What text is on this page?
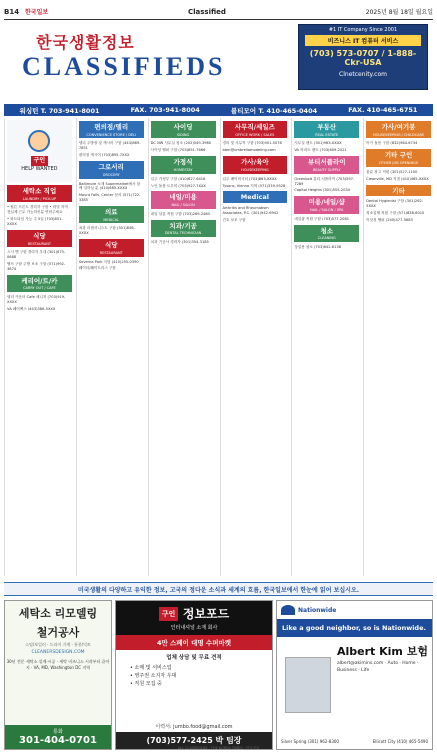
B14 한국일보	Classified	2025년 8월 18일 월요일
한국생활정보
CLASSIFIEDS
#1 IT Company Since 2001
비즈니스 IT 컴퓨터 서비스
(703) 573-0707 / 1-888-Ckr-USA
Clnetcenity.com
워싱턴 T. 703-941-8001	FAX. 703-941-8004	볼티모어 T. 410-465-0404	FAX. 410-465-6751
구인
HELP WANTED
세탁소 직업
LAUNDRY / PICK-UP

• 힐튼 프론트 경력자 구함 • 락빌 지역 전일제 근무 가능하신분 연락주세요

• 파트타임 가능 주 5일 (703)851-XXXX

식당
RESTAURANT

스시 맨 구함 경력자 우대 (301)675-0688

헬프 구함 주방 보조 구함 (571)992-3874

케리어/트/카
CARRY OUT / CAFE

델리 카운터 Cafe 매니저 (703)919-XXXX

VA 페어팩스 (443)386-5XXX

편의점/델리
CONVENIENCE STORE / DELI

델리 주방장 및 캐시어 구함 (443)869-7851

편의점 캐시어 (703)895-7XXX

그로서리
GROCERY

Baltimore 소재 Supermarket에서 함께 일하실 분 (410)685-XXXX

Mount Falls, Center 문의 (571)722-3385

의료
MEDICAL

치과 리셉셔니스트 구함 (301)836-XXXX

식당
RESTAURANT

Severna Park 식당 (410)255-0390

웨이터/웨이트리스 구함

사이딩
SIDING

DC NW 사무실 청소 (202)549-3960

사이딩 헬퍼 구함 (703)851-7666

가정식
HOMESTAY

입주 가정부 구함 (410)627-6418

노인 돌봄 도우미 (703)927-7XXX

네일/미용
NAIL / SALON

네일 살롱 직원 구함 (703)269-2480

치과/기공
DENTAL TECHNICIAN

치과 기공사 경력자 (301)354-3185

사무직/세일즈
OFFICE WORK / SALES

경리 및 사무직 구함 (703)901-5076

bbm@umbrellamodeling.com

가사/육아
HOUSEKEEPING

입주 베이비시터 (703)863-XXXX

Tysons, Vienna 지역 (571)339-9528

Medical

Arthritis and Rheumatism Associates, P.C. (301)942-6942

간호 보조 구함

부동산
REAL ESTATE

사무실 렌트 (301)963-XXXX

VA 아파트 렌트 (703)609-2021

뷰티서플라이
BEAUTY SUPPLY

Greenbelt 뷰티 서플라이 (703)597-7289

Capitol Heights (301)555-2034

미용/네일/샵
NAIL / SALON / SPA

네일샵 직원 구함 (703)577-2081

청소
CLEANING

상업용 청소 (703)642-8136

가사/여기봉
HOUSEKEEPING / CHILDCARE

아기 돌봄 구함 (832)964-6734

기타 구인
OTHER JOB OPENINGS

물류 창고 직원 (301)527-1100

Cleanville, MD 지점 (410)465-XXXX

기타

Dental Hygienist 구함 (301)262-5XXX

청소업체 직원 구함 (571)838-6010

이삿짐 헬퍼 (240)477-5683

미국생활의 다양하고 유익한 정보, 고국의 정다운 소식과 세계의 흐름, 한국일보에서 한눈에 읽어 보십시오.
세탁소 리모델링
철거공사
스팀/보일러 · 드라이 기계 · 통풍/덕트
CLEANERSDESIGN.COM
30년 전문 세탁소 설계·시공 · 세탁 비즈니스 시작부터 끝까지 · VA, MD, Washington DC 지역
통화
301-404-0701
구인 정보포드
인터내셔널 소재 회사
4만 스페이 대명 수퍼마켓
업체 상담 및 무료 견적
• 소매 및 서비스업
• 영주권 소지자 우대
• 직원 모집 중
이력서: jumbo.food@gmail.com
(703)577-2425 박 팀장
Nationwide
Like a good neighbor, so is Nationwide.
Albert Kim 보험
albert@akimins.com · Auto · Home · Business · Life
Silver Spring (301) 962-8300	Ellicott City (410) 465-5490
ALL CLASSIFIEDS · THE KOREA TIMES · 한국일보
